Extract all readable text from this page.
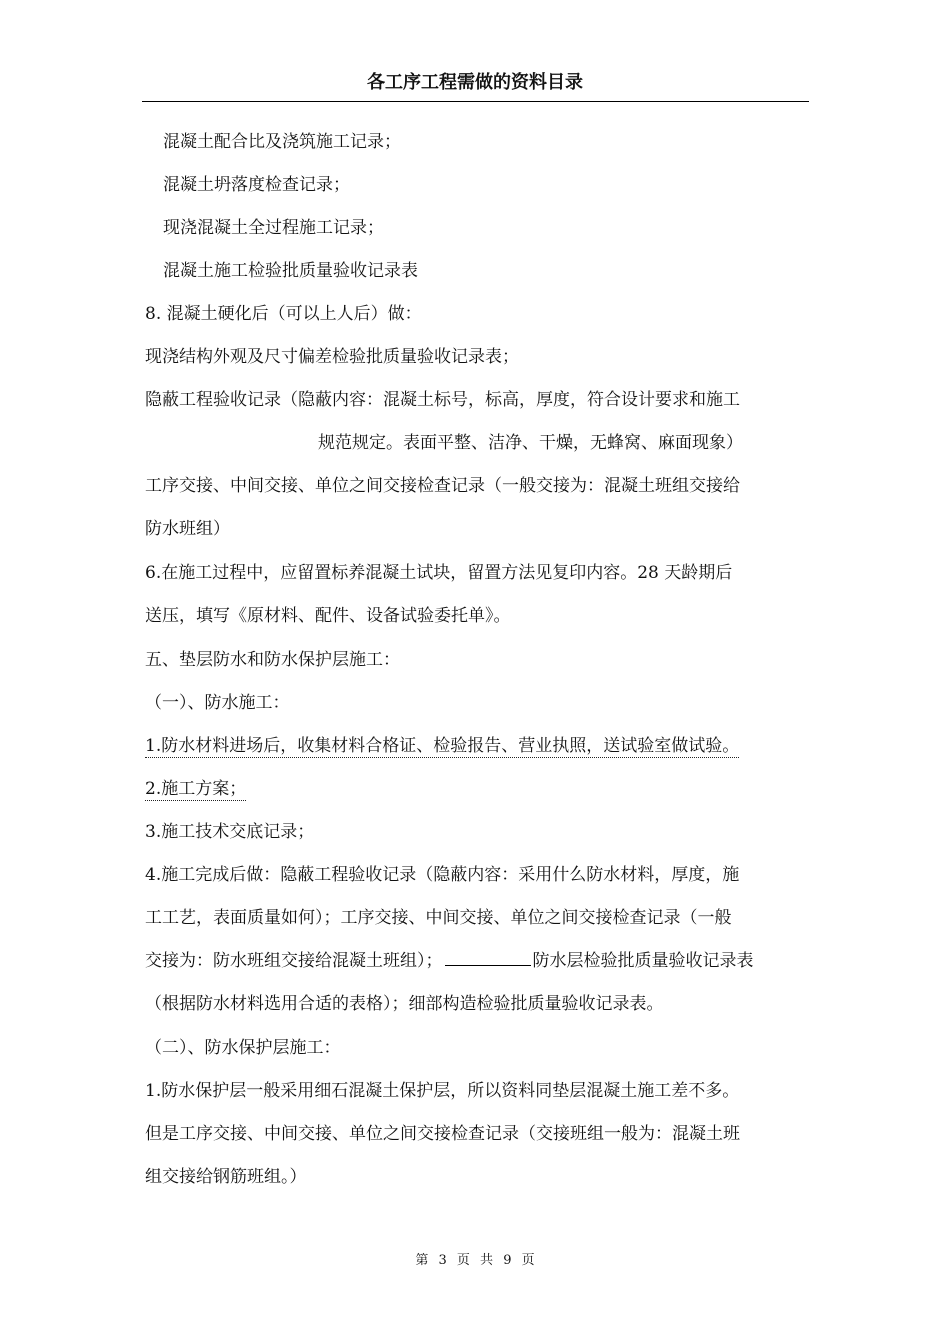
各工序工程需做的资料目录
混凝土配合比及浇筑施工记录；
混凝土坍落度检查记录；
现浇混凝土全过程施工记录；
混凝土施工检验批质量验收记录表
8. 混凝土硬化后（可以上人后）做：
现浇结构外观及尺寸偏差检验批质量验收记录表；
隐蔽工程验收记录（隐蔽内容：混凝土标号，标高，厚度，符合设计要求和施工
规范规定。表面平整、洁净、干燥，无蜂窝、麻面现象）
工序交接、中间交接、单位之间交接检查记录（一般交接为：混凝土班组交接给
防水班组）
6.在施工过程中，应留置标养混凝土试块，留置方法见复印内容。28 天龄期后
送压，填写《原材料、配件、设备试验委托单》。
五、垫层防水和防水保护层施工：
（一）、防水施工：
1.防水材料进场后，收集材料合格证、检验报告、营业执照，送试验室做试验。
2.施工方案；
3.施工技术交底记录；
4.施工完成后做：隐蔽工程验收记录（隐蔽内容：采用什么防水材料，厚度，施
工工艺，表面质量如何）；工序交接、中间交接、单位之间交接检查记录（一般
交接为：防水班组交接给混凝土班组）；	防水层检验批质量验收记录表
（根据防水材料选用合适的表格）；细部构造检验批质量验收记录表。
（二）、防水保护层施工：
1.防水保护层一般采用细石混凝土保护层，所以资料同垫层混凝土施工差不多。
但是工序交接、中间交接、单位之间交接检查记录（交接班组一般为：混凝土班
组交接给钢筋班组。）
第 3 页 共 9 页
